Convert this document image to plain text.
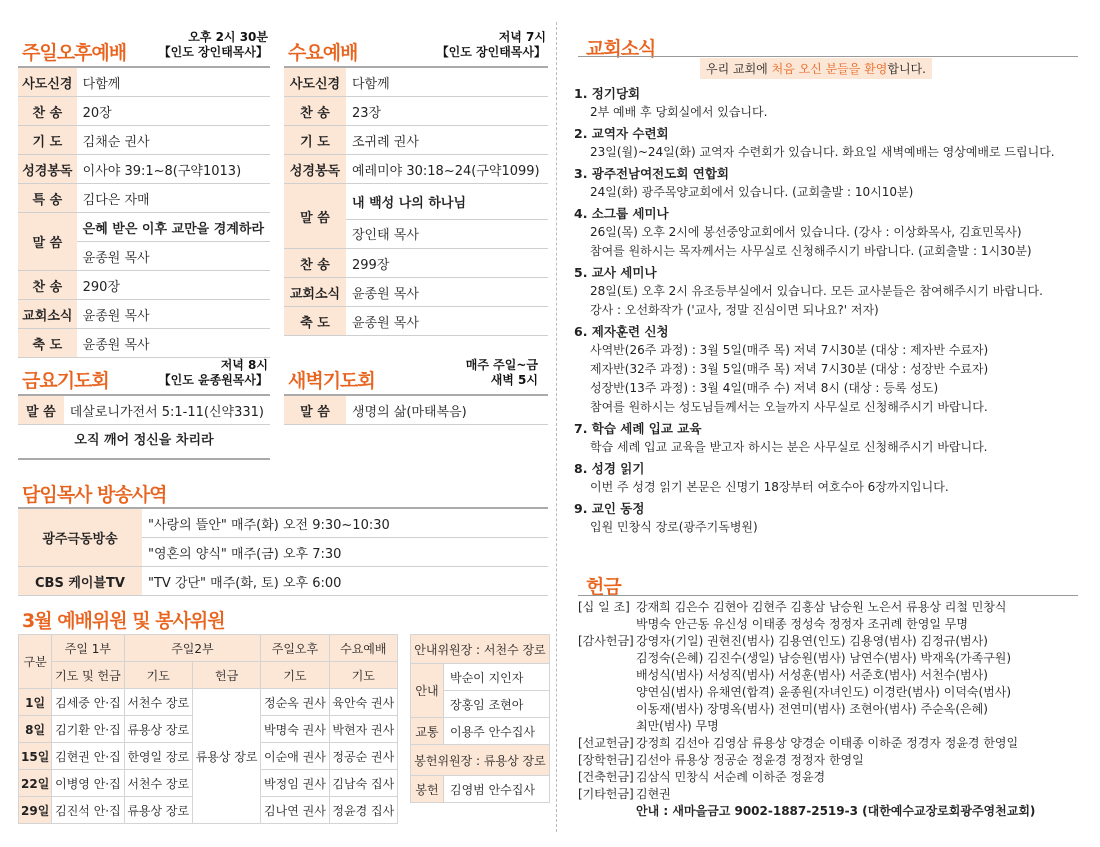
주일오후예배
오후 2시 30분
【인도 장인태목사】
사도신경	다함께
찬 송	20장
기 도	김채순 권사
성경봉독	이사야 39:1~8(구약1013)
특 송	김다은 자매
말 씀	은혜 받은 이후 교만을 경계하라
	윤종원 목사
찬 송	290장
교회소식	윤종원 목사
축 도	윤종원 목사
수요예배
저녁 7시
【인도 장인태목사】
사도신경	다함께
찬 송	23장
기 도	조귀례 권사
성경봉독	예레미야 30:18~24(구약1099)
말 씀	내 백성 나의 하나님
	장인태 목사
찬 송	299장
교회소식	윤종원 목사
축 도	윤종원 목사
금요기도회
저녁 8시
【인도 윤종원목사】
말 씀	데살로니가전서 5:1-11(신약331)
오직 깨어 정신을 차리라
새벽기도회
매주 주일~금
새벽 5시
말 씀	생명의 삶(마태복음)
담임목사 방송사역
광주극동방송	"사랑의 뜰안" 매주(화) 오전 9:30~10:30
	"영혼의 양식" 매주(금) 오후 7:30
CBS 케이블TV	"TV 강단" 매주(화, 토) 오후 6:00
3월 예배위원 및 봉사위원
구분	주일 1부	주일2부		주일오후	수요예배
	기도 및 헌금	기도	헌금	기도	기도
1일	김세중 안·집	서천수 장로	류용상 장로	정순옥 권사	육안숙 권사
8일	김기환 안·집	류용상 장로		박명숙 권사	박현자 권사
15일	김현권 안·집	한영일 장로		이순애 권사	정공순 권사
22일	이병영 안·집	서천수 장로		박정임 권사	김남숙 집사
29일	김진석 안·집	류용상 장로		김나연 권사	정윤경 집사
안내위원장 : 서천수 장로	
안내	박순이 지인자
	장홍임 조현아
교통	이용주 안수집사
봉헌위원장 : 류용상 장로	
봉헌	김영범 안수집사
교회소식
우리 교회에 처음 오신 분들을 환영합니다.
1. 정기당회
2부 예배 후 당회실에서 있습니다.
2. 교역자 수련회
23일(월)~24일(화) 교역자 수련회가 있습니다. 화요일 새벽예배는 영상예배로 드립니다.
3. 광주전남여전도회 연합회
24일(화) 광주목양교회에서 있습니다. (교회출발 : 10시10분)
4. 소그룹 세미나
26일(목) 오후 2시에 봉선중앙교회에서 있습니다. (강사 : 이상화목사, 김효민목사)
참여를 원하시는 목자께서는 사무실로 신청해주시기 바랍니다. (교회출발 : 1시30분)
5. 교사 세미나
28일(토) 오후 2시 유조등부실에서 있습니다. 모든 교사분들은 참여해주시기 바랍니다.
강사 : 오선화작가 ('교사, 정말 진심이면 되나요?' 저자)
6. 제자훈련 신청
사역반(26주 과정) : 3월 5일(매주 목) 저녁 7시30분 (대상 : 제자반 수료자)
제자반(32주 과정) : 3월 5일(매주 목) 저녁 7시30분 (대상 : 성장반 수료자)
성장반(13주 과정) : 3월 4일(매주 수) 저녁 8시 (대상 : 등록 성도)
참여를 원하시는 성도님들께서는 오늘까지 사무실로 신청해주시기 바랍니다.
7. 학습 세례 입교 교육
학습 세례 입교 교육을 받고자 하시는 분은 사무실로 신청해주시기 바랍니다.
8. 성경 읽기
이번 주 성경 읽기 본문은 신명기 18장부터 여호수아 6장까지입니다.
9. 교인 동정
입원 민창식 장로(광주기독병원)
헌금
[십 일 조] 강재희 김은수 김현아 김현주 김홍삼 남승원 노은서 류용상 리철 민창식
박명숙 안근동 유신성 이태종 정성숙 정정자 조귀례 한영일 무명
[감사헌금] 강영자(기일) 권현진(범사) 김용연(인도) 김용영(범사) 김정규(범사)
김정숙(은혜) 김진수(생일) 남승원(범사) 남연수(범사) 박재옥(가족구원)
배성식(범사) 서성직(범사) 서성훈(범사) 서준호(범사) 서천수(범사)
양연심(범사) 유채연(합격) 윤종원(자녀인도) 이경란(범사) 이덕숙(범사)
이동재(범사) 장명옥(범사) 전연미(범사) 조현아(범사) 주순옥(은혜)
최만(범사) 무명
[선교헌금] 강정희 김선아 김영삼 류용상 양경순 이태종 이하준 정경자 정윤경 한영일
[장학헌금] 김선아 류용상 정공순 정윤경 정정자 한영일
[건축헌금] 김삼식 민창식 서순례 이하준 정윤경
[기타헌금] 김현권
안내 : 새마을금고 9002-1887-2519-3 (대한예수교장로회광주영천교회)
